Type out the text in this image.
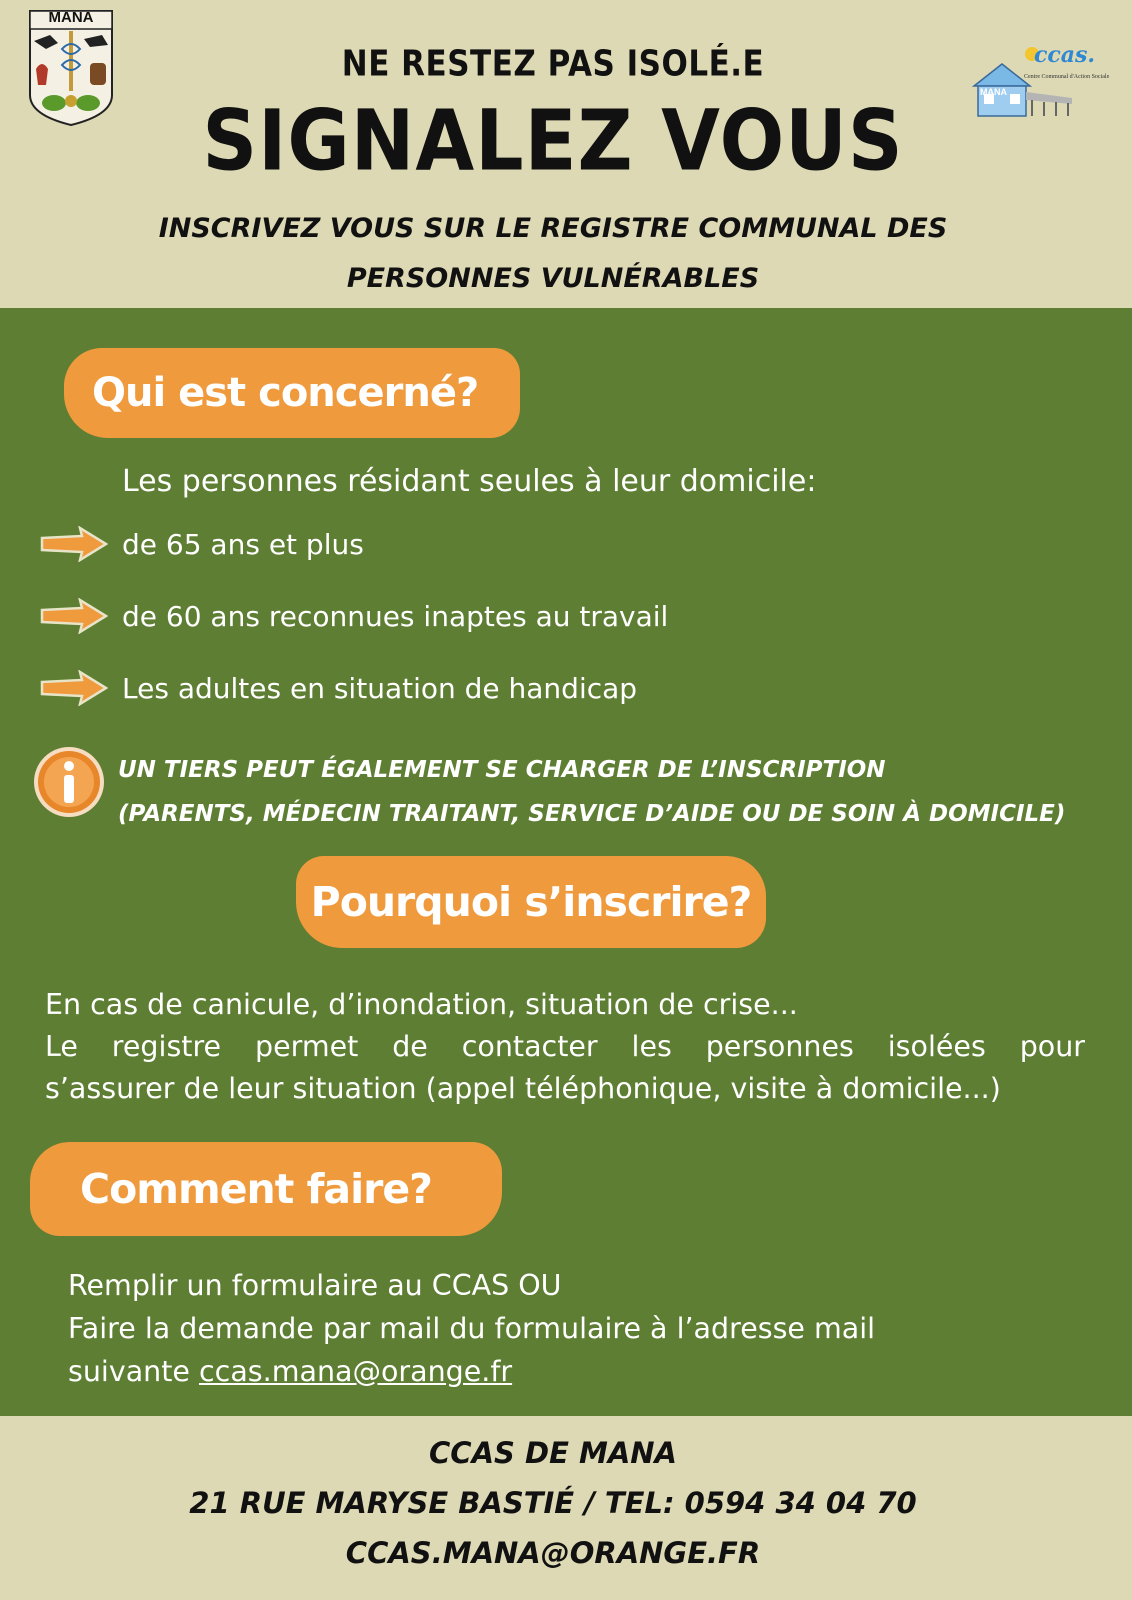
MANA
NE RESTEZ PAS ISOLÉ.E
SIGNALEZ VOUS
INSCRIVEZ VOUS SUR LE REGISTRE COMMUNAL DES
PERSONNES VULNÉRABLES
ccas.
Centre Communal d'Action Sociale
MANA
Qui est concerné?
Les personnes résidant seules à leur domicile:
de 65 ans et plus
de 60 ans reconnues inaptes au travail
Les adultes en situation de handicap
UN TIERS PEUT ÉGALEMENT SE CHARGER DE L’INSCRIPTION
(PARENTS, MÉDECIN TRAITANT, SERVICE D’AIDE OU DE SOIN À DOMICILE)
Pourquoi s’inscrire?
En cas de canicule, d’inondation, situation de crise...
Le registre permet de contacter les personnes isolées pour
s’assurer de leur situation (appel téléphonique, visite à domicile...)
Comment faire?
Remplir un formulaire au CCAS OU
Faire la demande par mail du formulaire à l’adresse mail
suivante ccas.mana@orange.fr
CCAS DE MANA
21 RUE MARYSE BASTIÉ / TEL: 0594 34 04 70
CCAS.MANA@ORANGE.FR
